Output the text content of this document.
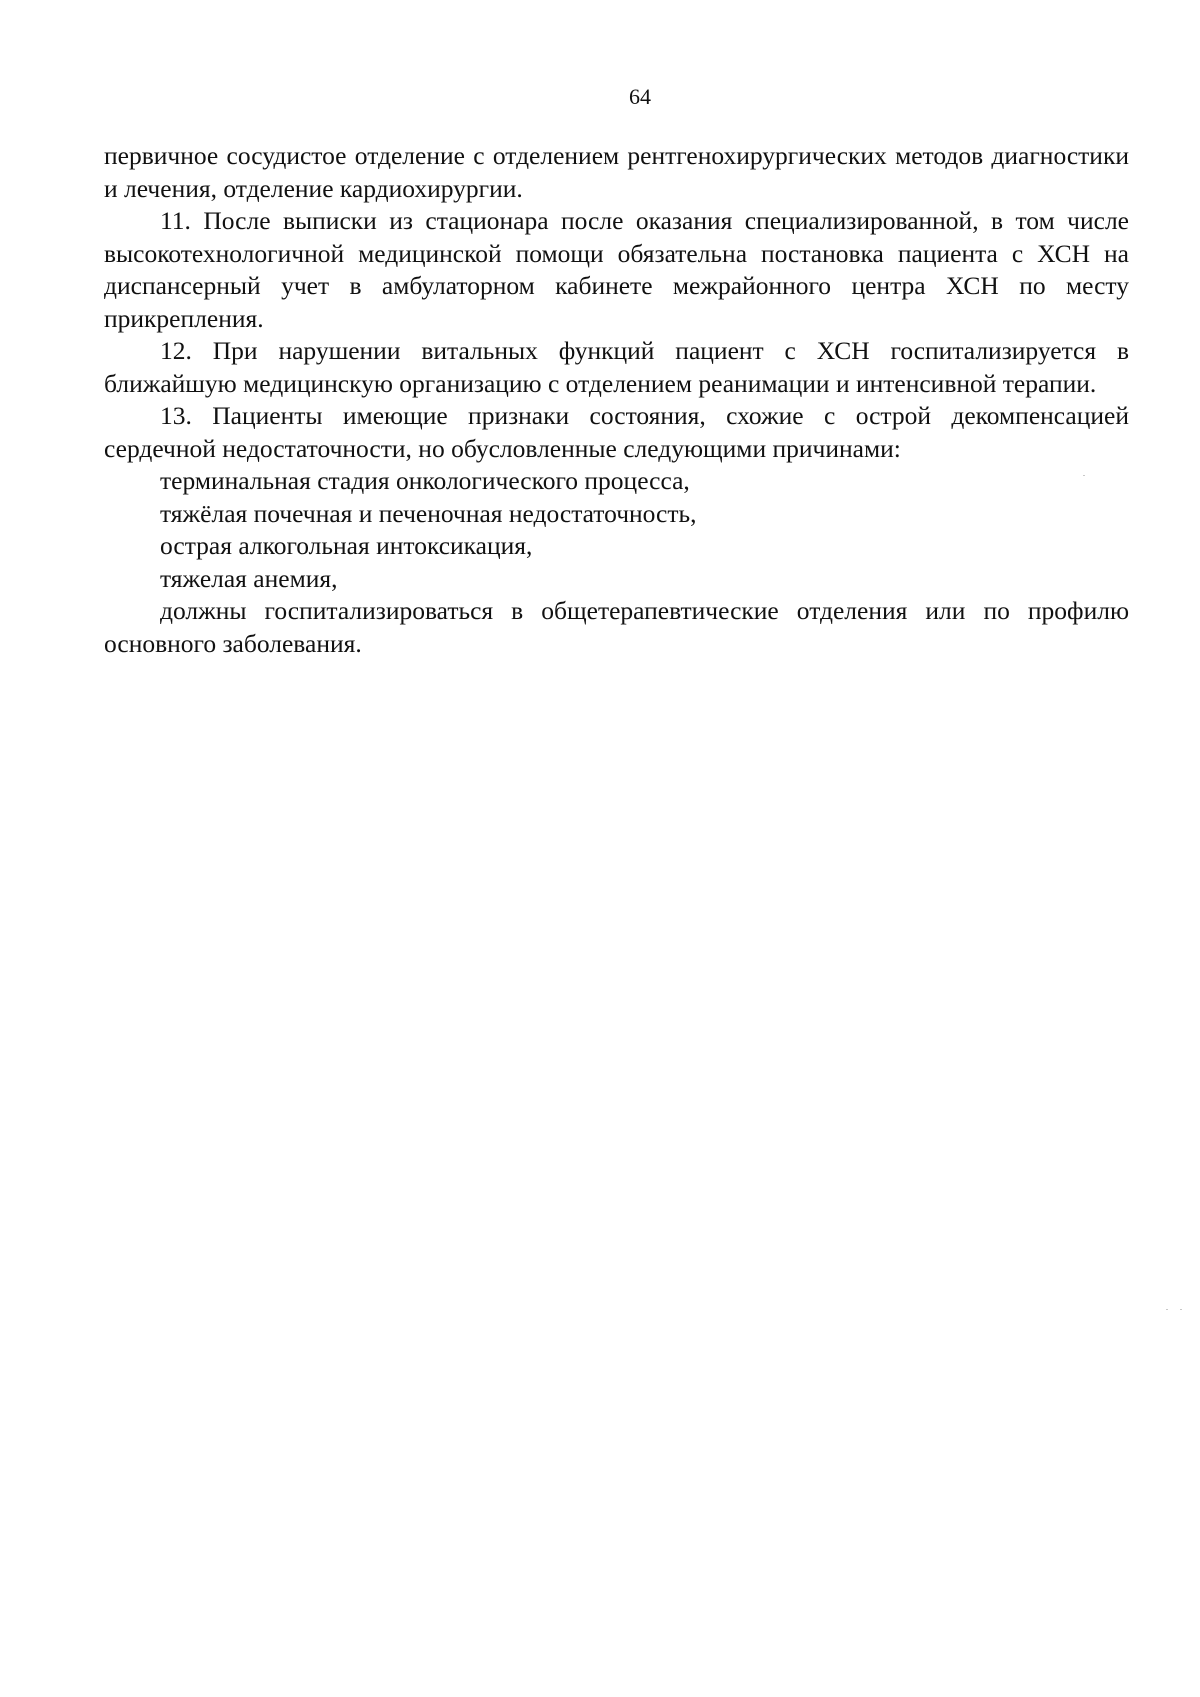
64

первичное сосудистое отделение с отделением рентгенохирургических методов диагностики и лечения, отделение кардиохирургии.

11. После выписки из стационара после оказания специализированной, в том числе высокотехнологичной медицинской помощи обязательна постановка пациента с ХСН на диспансерный учет в амбулаторном кабинете межрайонного центра ХСН по месту прикрепления.

12. При нарушении витальных функций пациент с ХСН госпитализируется в ближайшую медицинскую организацию с отделением реанимации и интенсивной терапии.

13. Пациенты имеющие признаки состояния, схожие с острой декомпенсацией сердечной недостаточности, но обусловленные следующими причинами:

терминальная стадия онкологического процесса,

тяжёлая почечная и печеночная недостаточность,

острая алкогольная интоксикация,

тяжелая анемия,

должны госпитализироваться в общетерапевтические отделения или по профилю основного заболевания.
